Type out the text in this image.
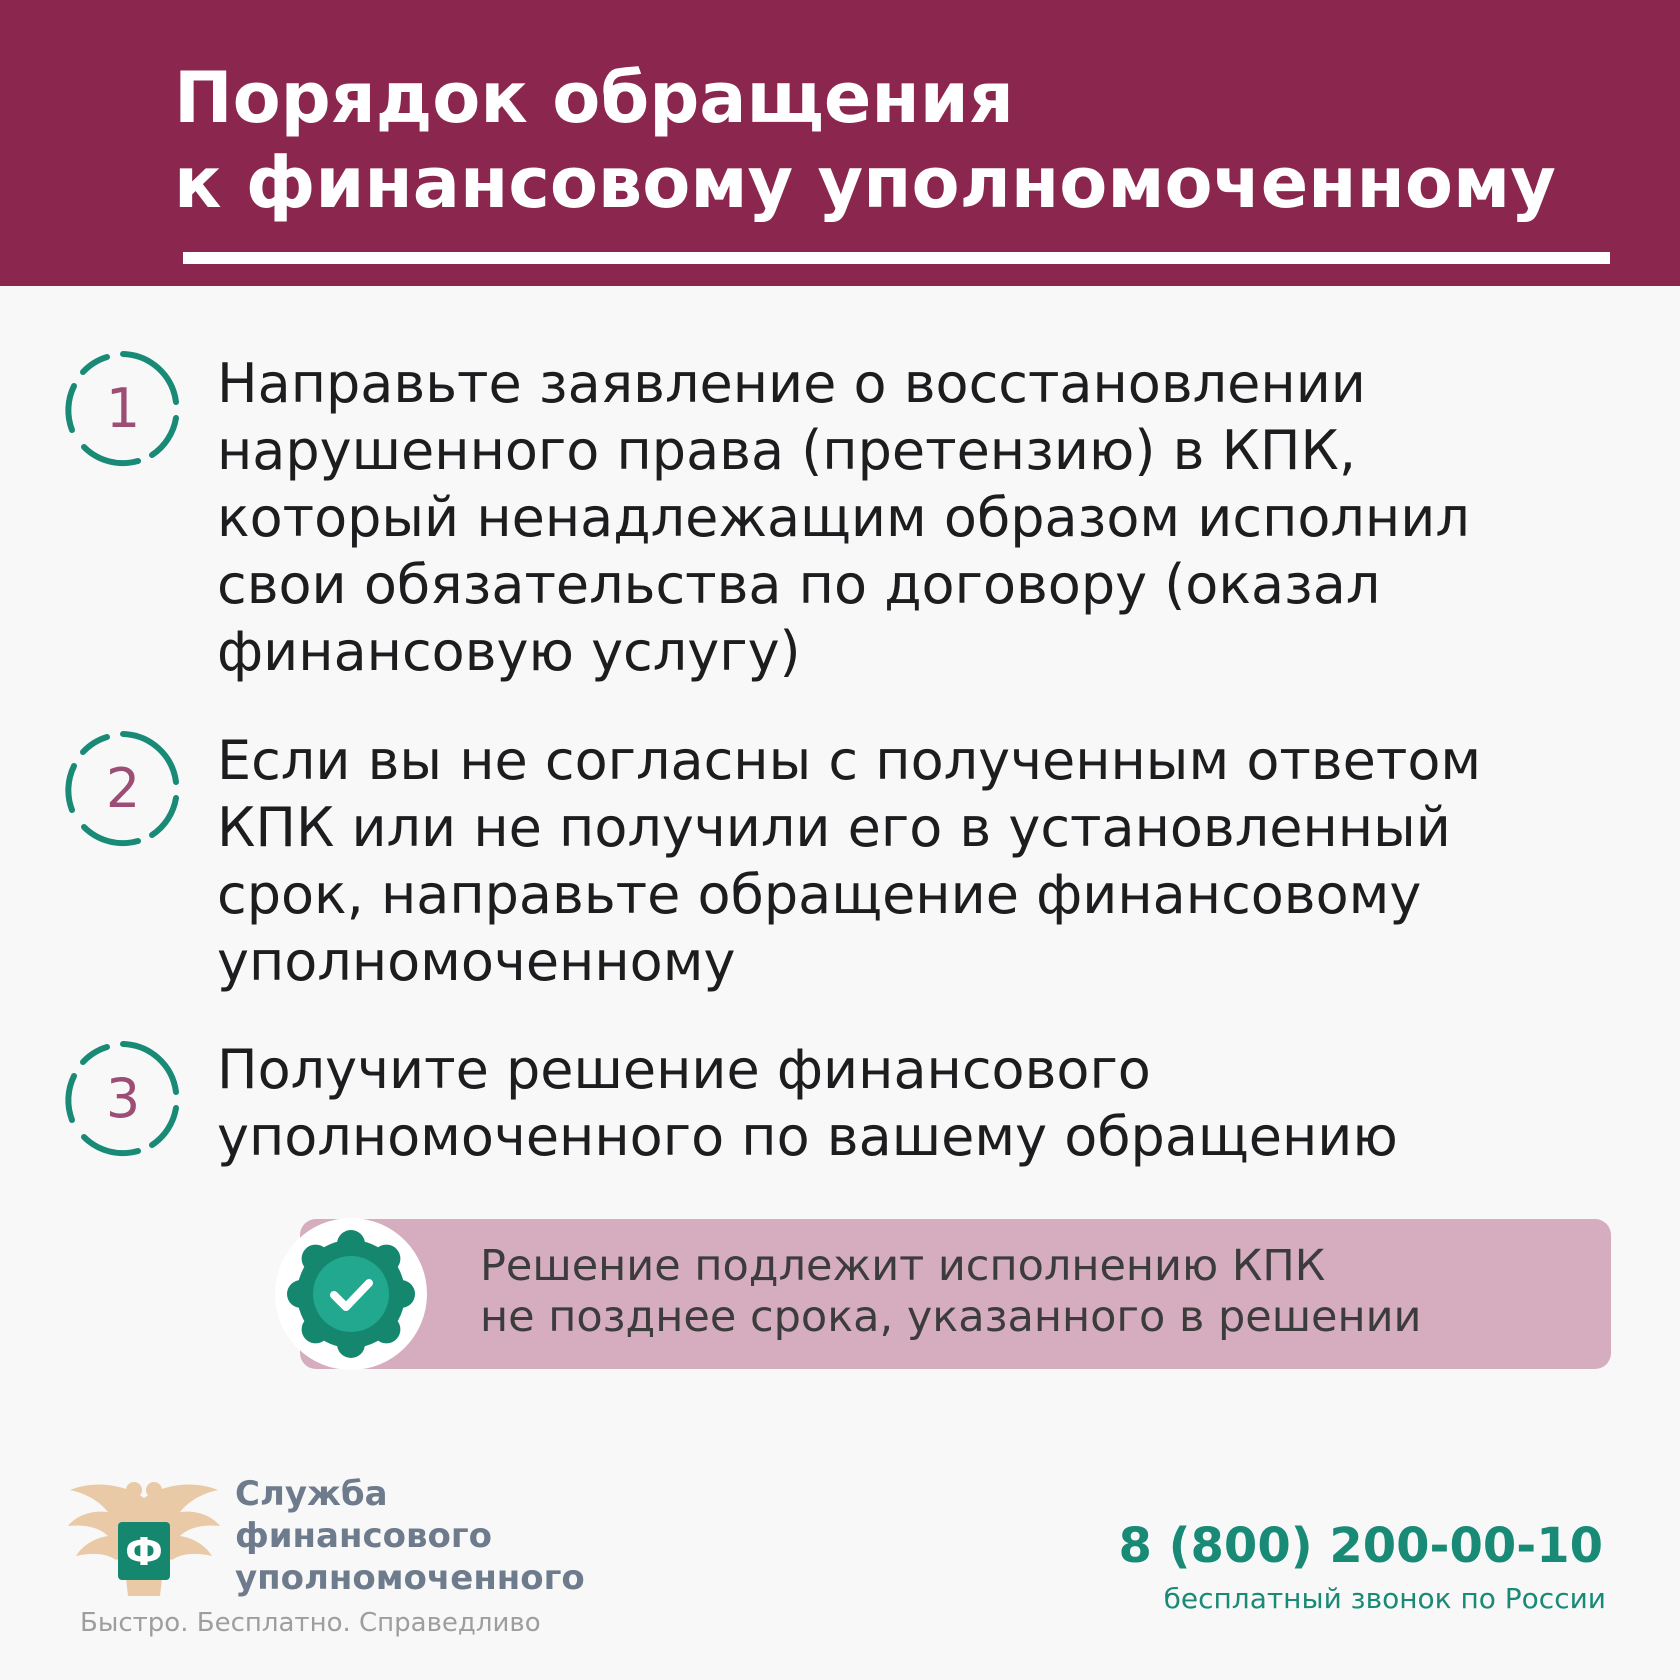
Порядок обращения
к финансовому уполномоченному
1	Направьте заявление о восстановлении
нарушенного права (претензию) в КПК,
который ненадлежащим образом исполнил
свои обязательства по договору (оказал
финансовую услугу)
2	Если вы не согласны с полученным ответом
КПК или не получили его в установленный
срок, направьте обращение финансовому
уполномоченному
3	Получите решение финансового
уполномоченного по вашему обращению
Решение подлежит исполнению КПК
не позднее срока, указанного в решении
Ф
Служба
финансового
уполномоченного
Быстро. Бесплатно. Справедливо
8 (800) 200-00-10
бесплатный звонок по России
